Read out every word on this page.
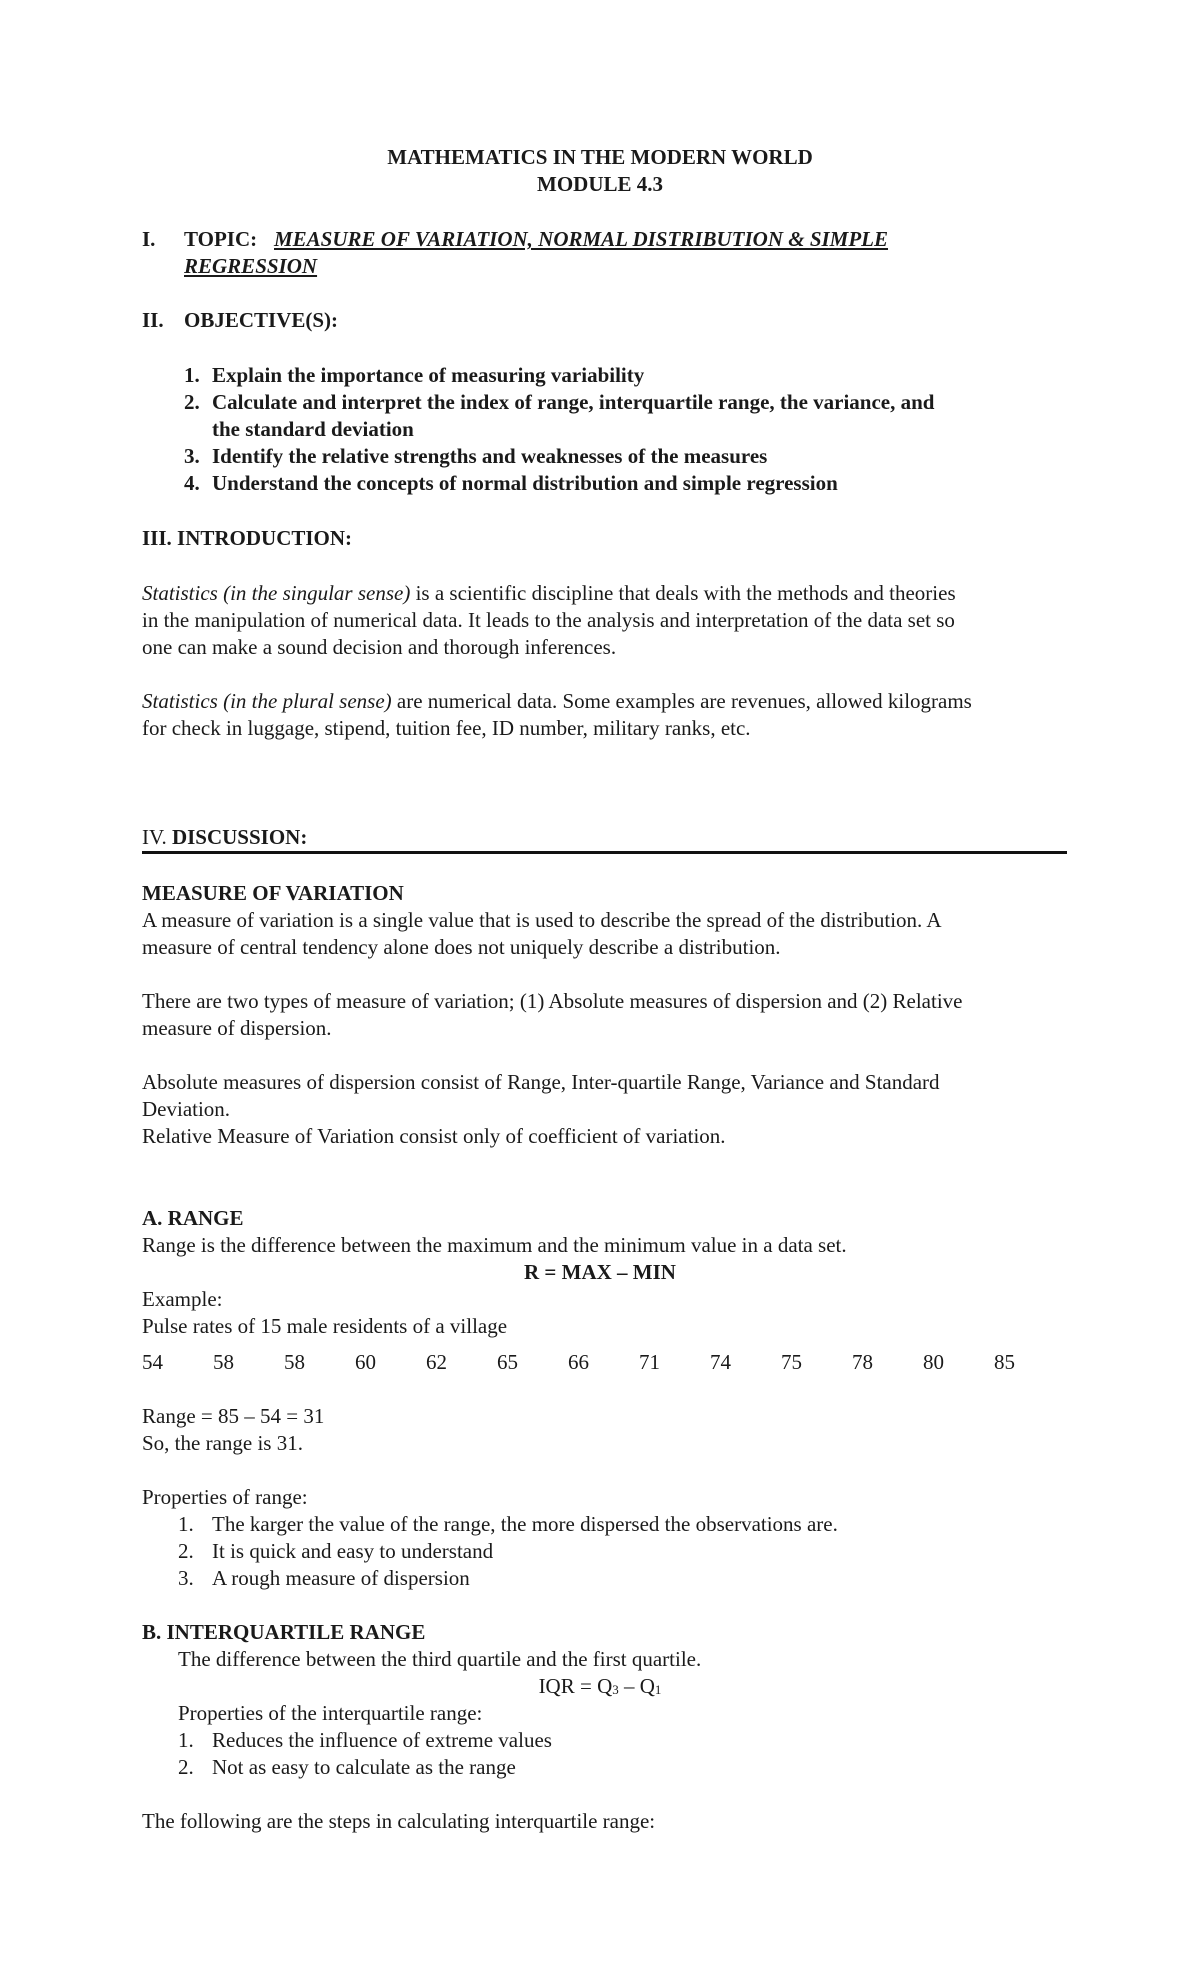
MATHEMATICS IN THE MODERN WORLD
MODULE 4.3
I. TOPIC: MEASURE OF VARIATION, NORMAL DISTRIBUTION & SIMPLE
REGRESSION
II. OBJECTIVE(S):
1. Explain the importance of measuring variability
2. Calculate and interpret the index of range, interquartile range, the variance, and
the standard deviation
3. Identify the relative strengths and weaknesses of the measures
4. Understand the concepts of normal distribution and simple regression
III. INTRODUCTION:
Statistics (in the singular sense) is a scientific discipline that deals with the methods and theories
in the manipulation of numerical data. It leads to the analysis and interpretation of the data set so
one can make a sound decision and thorough inferences.
Statistics (in the plural sense) are numerical data. Some examples are revenues, allowed kilograms
for check in luggage, stipend, tuition fee, ID number, military ranks, etc.
IV. DISCUSSION:
MEASURE OF VARIATION
A measure of variation is a single value that is used to describe the spread of the distribution. A
measure of central tendency alone does not uniquely describe a distribution.
There are two types of measure of variation; (1) Absolute measures of dispersion and (2) Relative
measure of dispersion.
Absolute measures of dispersion consist of Range, Inter-quartile Range, Variance and Standard
Deviation.
Relative Measure of Variation consist only of coefficient of variation.
A. RANGE
Range is the difference between the maximum and the minimum value in a data set.
R = MAX – MIN
Example:
Pulse rates of 15 male residents of a village
54 58 58 60 62 65 66 71 74 75 78 80 85
Range = 85 – 54 = 31
So, the range is 31.
Properties of range:
1. The karger the value of the range, the more dispersed the observations are.
2. It is quick and easy to understand
3. A rough measure of dispersion
B. INTERQUARTILE RANGE
The difference between the third quartile and the first quartile.
IQR = Q3 – Q1
Properties of the interquartile range:
1. Reduces the influence of extreme values
2. Not as easy to calculate as the range
The following are the steps in calculating interquartile range:
